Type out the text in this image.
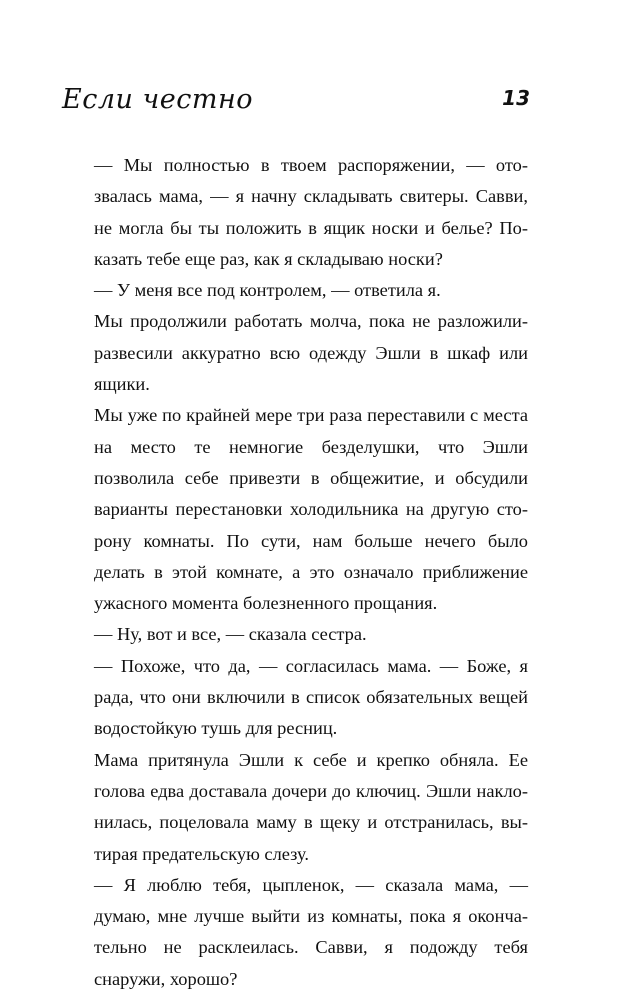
Если честно	13

— Мы полностью в твоем распоряжении, — отозвалась мама, — я начну складывать свитеры. Савви, не могла бы ты положить в ящик носки и белье? Показать тебе еще раз, как я складываю носки?

— У меня все под контролем, — ответила я.

Мы продолжили работать молча, пока не разложили-развесили аккуратно всю одежду Эшли в шкаф или ящики.

Мы уже по крайней мере три раза переставили с места на место те немногие безделушки, что Эшли позволила себе привезти в общежитие, и обсудили варианты перестановки холодильника на другую сторону комнаты. По сути, нам больше нечего было делать в этой комнате, а это означало приближение ужасного момента болезненного прощания.

— Ну, вот и все, — сказала сестра.

— Похоже, что да, — согласилась мама. — Боже, я рада, что они включили в список обязательных вещей водостойкую тушь для ресниц.

Мама притянула Эшли к себе и крепко обняла. Ее голова едва доставала дочери до ключиц. Эшли наклонилась, поцеловала маму в щеку и отстранилась, вытирая предательскую слезу.

— Я люблю тебя, цыпленок, — сказала мама, — думаю, мне лучше выйти из комнаты, пока я окончательно не расклеилась. Савви, я подожду тебя снаружи, хорошо?
